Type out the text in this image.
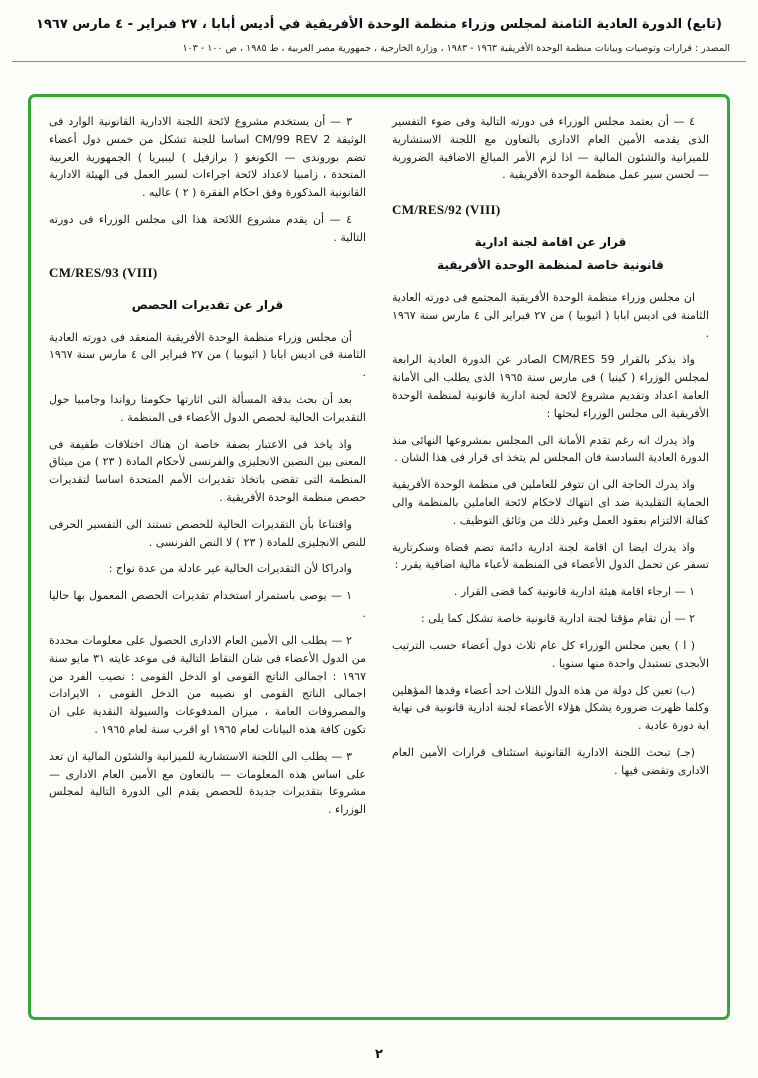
(تابع) الدورة العادية الثامنة لمجلس وزراء منظمة الوحدة الأفريقية في أديس أبابا ، ٢٧ فبراير - ٤ مارس ١٩٦٧
المصدر : قرارات وتوصيات وبيانات منظمة الوحدة الأفريقية ١٩٦٣ - ١٩٨٣ ، وزارة الخارجية ، جمهورية مصر العربية ، ط ١٩٨٥ ، ص ١٠٠ - ١٠٣

٤ — أن يعتمد مجلس الوزراء فى دورته التالية وفى ضوء التفسير الذى يقدمه الأمين العام الادارى بالتعاون مع اللجنة الاستشارية للميزانية والشئون المالية — اذا لزم الأمر المبالغ الاضافية الضرورية — لحسن سير عمل منظمة الوحدة الأفريقية .

CM/RES/92 (VIII)
قرار عن اقامة لجنة ادارية
قانونية خاصة لمنظمة الوحدة الأفريقية

ان مجلس وزراء منظمة الوحدة الأفريقية المجتمع فى دورته العادية الثامنة فى اديس ابابا ( اثيوبيا ) من ٢٧ فبراير الى ٤ مارس سنة ١٩٦٧ .

واذ يذكر بالقرار CM/RES 59 الصادر عن الدورة العادية الرابعة لمجلس الوزراء ( كينيا ) فى مارس سنة ١٩٦٥ الذى يطلب الى الأمانة العامة اعداد وتقديم مشروع لائحة لجنة ادارية قانونية لمنظمة الوحدة الأفريقية الى مجلس الوزراء لبحثها :

واذ يدرك انه رغم تقدم الأمانة الى المجلس بمشروعها النهائى منذ الدورة العادية السادسة فان المجلس لم يتخذ اى قرار فى هذا الشان .

واذ يدرك الحاجة الى ان تتوفر للعاملين فى منظمة الوحدة الأفريقية الحماية التقليدية ضد اى انتهاك لاحكام لائحة العاملين بالمنظمة والى كفالة الالتزام بعقود العمل وغير ذلك من وثائق التوظيف .

واذ يدرك ايضا ان اقامة لجنة ادارية دائمة تضم قضاة وسكرتارية تسفر عن تحمل الدول الأعضاء فى المنظمة لأعباء مالية اضافية يقرر :

١ — ارجاء اقامة هيئة ادارية قانونية كما قضى القرار .

٢ — أن تقام مؤقتا لجنة ادارية قانونية خاصة تشكل كما يلى :

( ا ) يعين مجلس الوزراء كل عام ثلاث دول أعضاء حسب الترتيب الأبجدى تستبدل واحدة منها سنويا .

(ب) تعين كل دولة من هذه الدول الثلاث احد أعضاء وفدها المؤهلين وكلما ظهرت ضرورة يشكل هؤلاء الأعضاء لجنة ادارية قانونية فى نهاية اية دورة عادية .

(جـ) تبحث اللجنة الادارية القانونية استئناف قرارات الأمين العام الادارى وتقضى فيها .

٣ — أن يستخدم مشروع لائحة اللجنة الادارية القانونية الوارد فى الوثيقة CM/99 REV 2 اساسا للجنة تشكل من خمس دول أعضاء تضم بوروندى — الكونغو ( برازفيل ) ليبيريا ) الجمهورية العربية المتحدة ، زامبيا لاعداد لائحة اجراءات لسير العمل فى الهيئة الادارية القانونية المذكورة وفق احكام الفقرة ( ٢ ) عاليه .

٤ — أن يقدم مشروع اللائحة هذا الى مجلس الوزراء فى دورته التالية .

CM/RES/93 (VIII)
قرار عن تقديرات الحصص

أن مجلس وزراء منظمة الوحدة الأفريقية المنعقد فى دورته العادية الثامنة فى اديس ابابا ( اثيوبيا ) من ٢٧ فبراير الى ٤ مارس سنة ١٩٦٧ .

بعد أن بحث بدقة المسألة التى اثارتها حكومتا رواندا وجامبيا حول التقديرات الحالية لحصص الدول الأعضاء فى المنظمة .

واذ ياخذ فى الاعتبار بصفة خاصة ان هناك اختلافات طفيفة فى المعنى بين النصين الانجليزى والفرنسى لأحكام المادة ( ٢٣ ) من ميثاق المنظمة التى تقضى باتخاذ تقديرات الأمم المتحدة اساسا لتقديرات حصص منظمة الوحدة الأفريقية .

واقتناعا بأن التقديرات الحالية للحصص تستند الى التفسير الحرفى للنص الانجليزى للمادة ( ٢٣ ) لا النص الفرنسى .

وادراكا لأن التقديرات الحالية غير عادلة من عدة نواح :

١ — يوصى باستمرار استخدام تقديرات الحصص المعمول بها حاليا .

٢ — يطلب الى الأمين العام الادارى الحصول على معلومات محددة من الدول الأعضاء فى شان النقاط التالية فى موعد غايته ٣١ مايو سنة ١٩٦٧ : اجمالى الناتج القومى او الدخل القومى : نصيب الفرد من اجمالى الناتج القومى او نصيبه من الدخل القومى ، الايرادات والمصروفات العامة ، ميزان المدفوعات والسيولة النقدية على ان تكون كافة هذه البيانات لعام ١٩٦٥ او اقرب سنة لعام ١٩٦٥ .

٣ — يطلب الى اللجنة الاستشارية للميزانية والشئون المالية ان تعد على اساس هذه المعلومات — بالتعاون مع الأمين العام الادارى — مشروعا بتقديرات جديدة للحصص يقدم الى الدورة التالية لمجلس الوزراء .

٢
